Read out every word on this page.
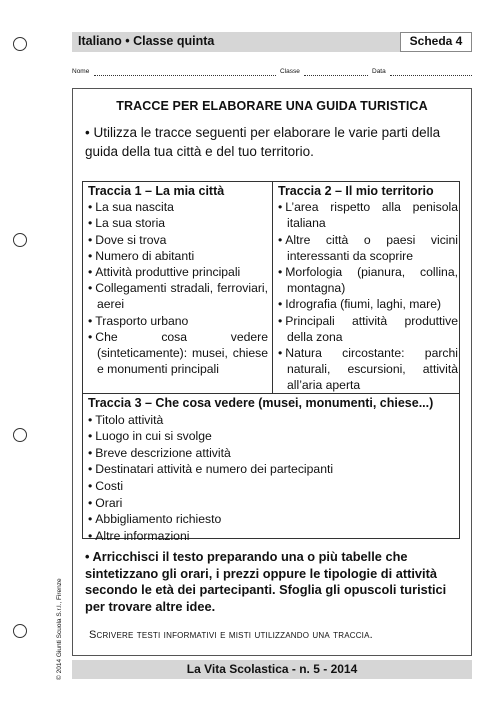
Italiano • Classe quinta	Scheda 4
Nome	Classe	Data
TRACCE PER ELABORARE UNA GUIDA TURISTICA
• Utilizza le tracce seguenti per elaborare le varie parti della guida della tua città e del tuo territorio.
Traccia 1 – La mia città
• La sua nascita
• La sua storia
• Dove si trova
• Numero di abitanti
• Attività produttive principali
• Collegamenti stradali, ferroviari, aerei
• Trasporto urbano
• Che cosa vedere (sinteticamente): musei, chiese e monumenti principali
Traccia 2 – Il mio territorio
• L’area rispetto alla penisola italiana
• Altre città o paesi vicini interessanti da scoprire
• Morfologia (pianura, collina, montagna)
• Idrografia (fiumi, laghi, mare)
• Principali attività produttive della zona
• Natura circostante: parchi naturali, escursioni, attività all’aria aperta
Traccia 3 – Che cosa vedere (musei, monumenti, chiese...)
• Titolo attività
• Luogo in cui si svolge
• Breve descrizione attività
• Destinatari attività e numero dei partecipanti
• Costi
• Orari
• Abbigliamento richiesto
• Altre informazioni
• Arricchisci il testo preparando una o più tabelle che sintetizzano gli orari, i prezzi oppure le tipologie di attività secondo le età dei partecipanti. Sfoglia gli opuscoli turistici per trovare altre idee.
Scrivere testi informativi e misti utilizzando una traccia.
La Vita Scolastica - n. 5 - 2014
© 2014 Giunti Scuola S.r.l., Firenze
